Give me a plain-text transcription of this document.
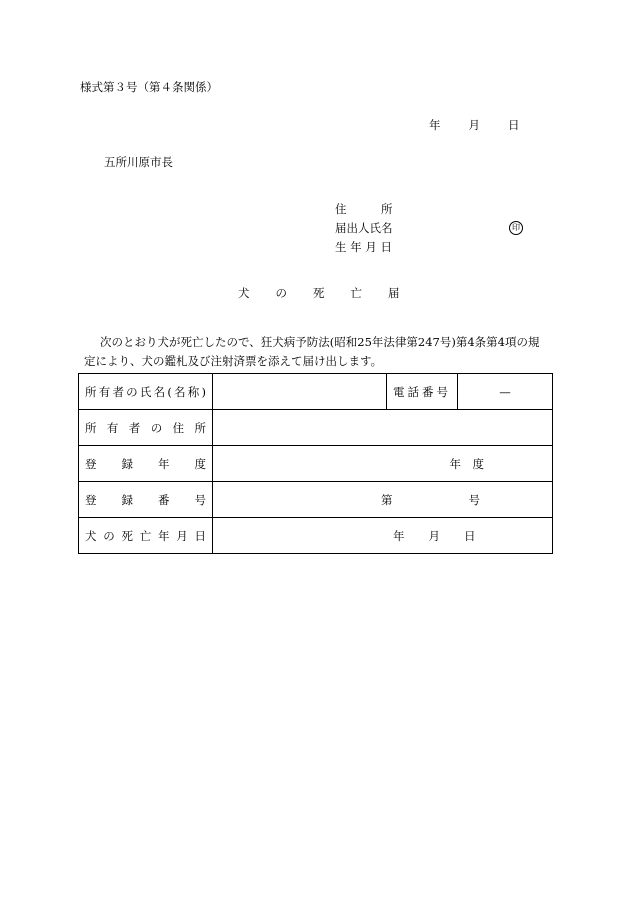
様式第３号（第４条関係）
年 月 日
五所川原市長
住　　　所
届出人氏名
生 年 月 日
印
犬 の 死 亡 届
次のとおり犬が死亡したので、狂犬病予防法(昭和25年法律第247号)第4条第4項の規
定により、犬の鑑札及び注射済票を添えて届け出します。
所有者の氏名(名称)		電話番号	—
所有者の住所			
登録年度	年　度		
登録番号	第 号		
犬の死亡年月日	年 月 日		
